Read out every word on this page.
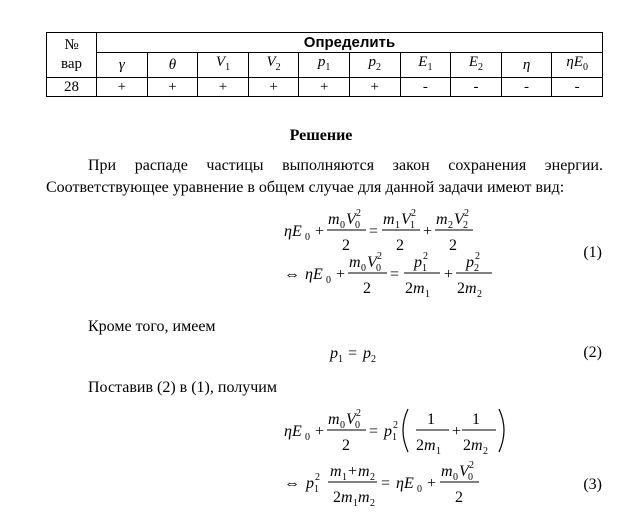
№
вар	Определить									
	γ	θ	$V_1$	$V_2$	$p_1$	$p_2$	$E_1$	$E_2$	η	$\eta E_0$
28	+	+	+	+	+	+	-	-	-	-
Решение
При распаде частицы выполняются закон сохранения энергии.
Соответствующее уравнение в общем случае для данной задачи имеют вид:
ηE 0 +
m 0 V 0
2
2
=
m 1 V 1
2
2
+
m 2 V 2
2
2
⇔ ηE 0 +
m 0 V 0
2
2
=
p 1
2
2 m 1
+
p 2
2
2 m 2
(1)
Кроме того, имеем
p 1 = p 2	(2)
Поставив (2) в (1), получим
ηE 0 +
m 0 V 0
2
2
= p 1
2 1
2 m 1
+
1
2 m 2
⇔ p 1
2 m 1 + m 2
2 m 1 m 2
= ηE 0 +
m 0 V 0
2
2
(3)
